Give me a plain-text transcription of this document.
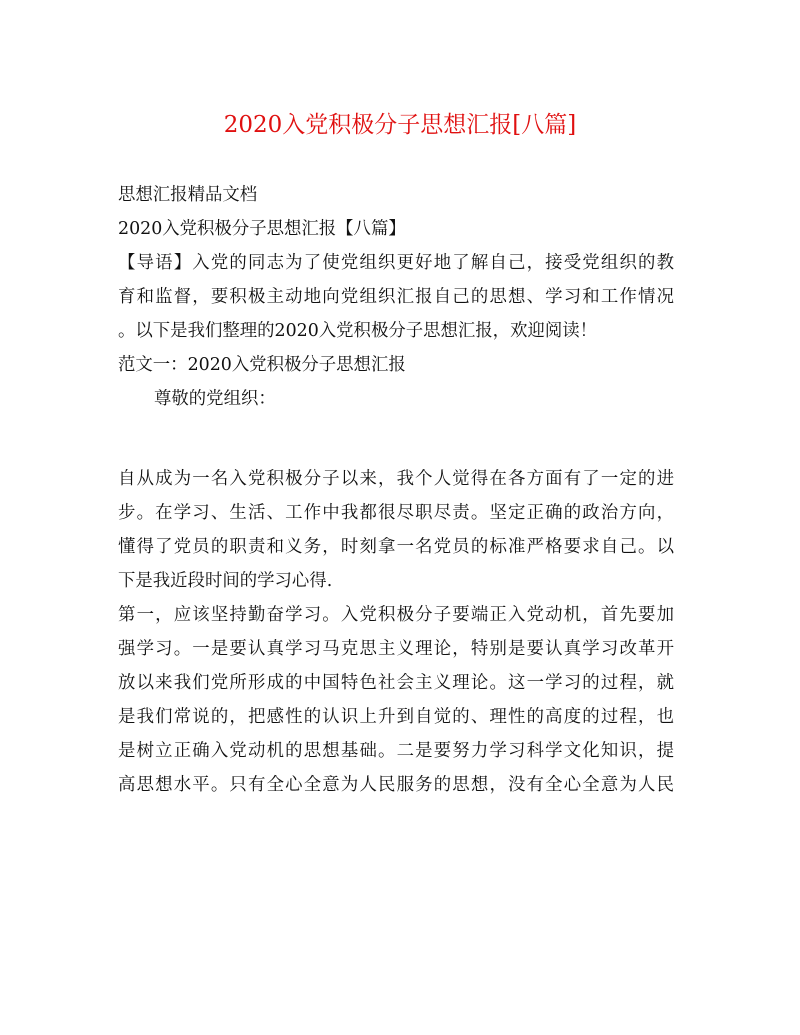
2020入党积极分子思想汇报[八篇]
思想汇报精品文档
2020入党积极分子思想汇报【八篇】
【导语】入党的同志为了使党组织更好地了解自己，接受党组织的教
育和监督，要积极主动地向党组织汇报自己的思想、学习和工作情况
。以下是我们整理的2020入党积极分子思想汇报，欢迎阅读！
范文一：2020入党积极分子思想汇报
尊敬的党组织：
自从成为一名入党积极分子以来，我个人觉得在各方面有了一定的进
步。在学习、生活、工作中我都很尽职尽责。坚定正确的政治方向，
懂得了党员的职责和义务，时刻拿一名党员的标准严格要求自己。以
下是我近段时间的学习心得.
第一，应该坚持勤奋学习。入党积极分子要端正入党动机，首先要加
强学习。一是要认真学习马克思主义理论，特别是要认真学习改革开
放以来我们党所形成的中国特色社会主义理论。这一学习的过程，就
是我们常说的，把感性的认识上升到自觉的、理性的高度的过程，也
是树立正确入党动机的思想基础。二是要努力学习科学文化知识，提
高思想水平。只有全心全意为人民服务的思想，没有全心全意为人民
